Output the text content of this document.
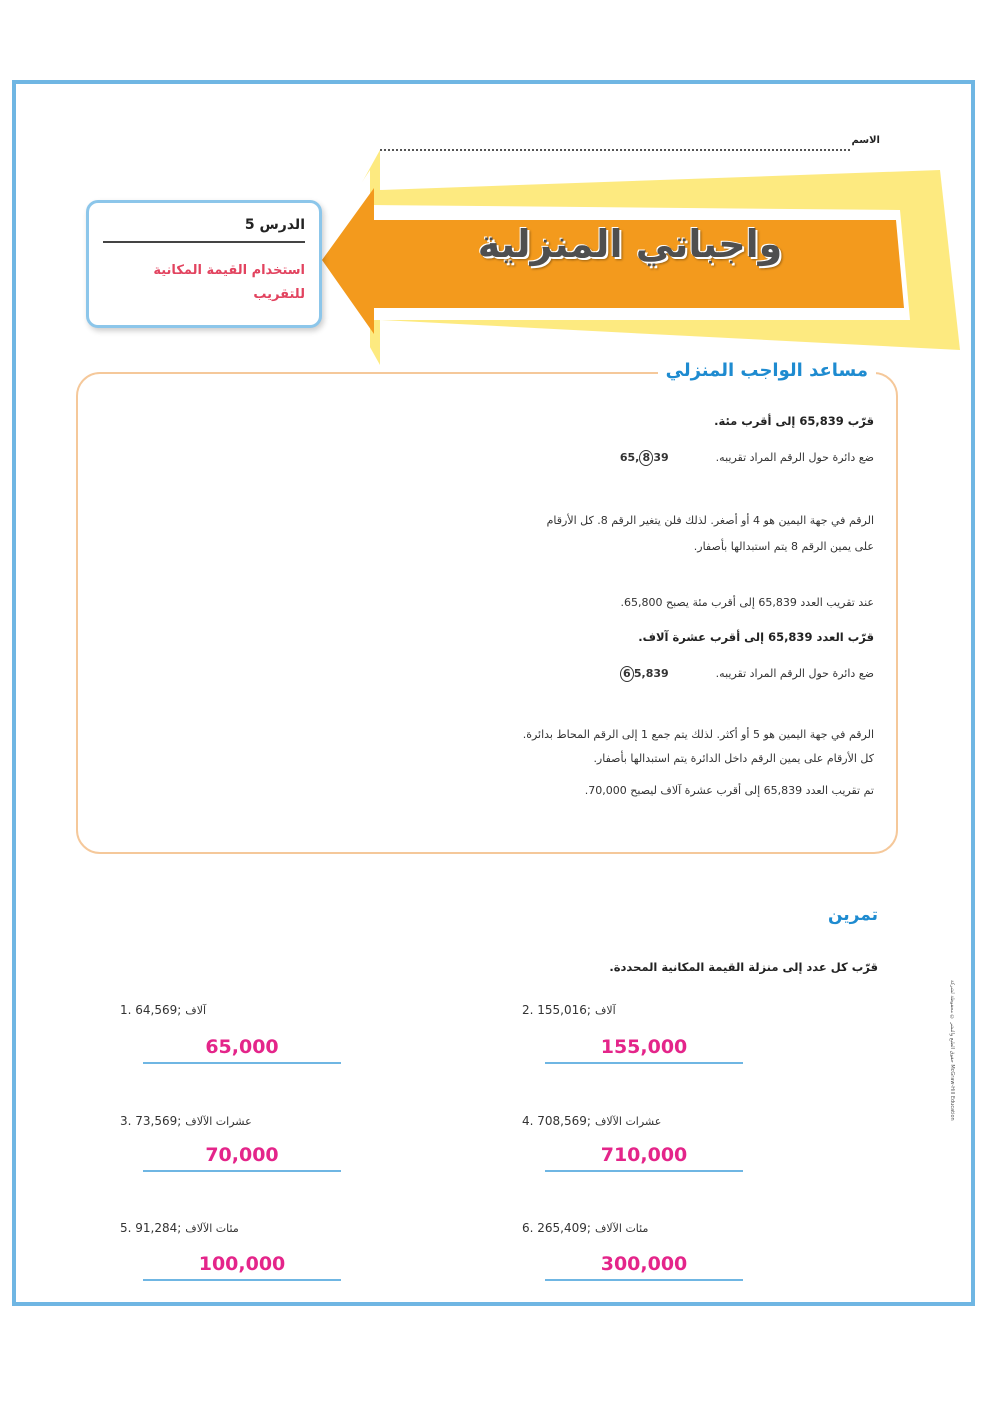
الاسم
واجباتي المنزلية
الدرس 5
استخدام القيمة المكانية
للتقريب
مساعد الواجب المنزلي
قرّب 65,839 إلى أقرب مئة.
ضع دائرة حول الرقم المراد تقريبه.  65, 8 39
الرقم في جهة اليمين هو 4 أو أصغر. لذلك فلن يتغير الرقم 8. كل الأرقام
على يمين الرقم 8 يتم استبدالها بأصفار.
عند تقريب العدد 65,839 إلى أقرب مئة يصبح 65,800.
قرّب العدد 65,839 إلى أقرب عشرة آلاف.
ضع دائرة حول الرقم المراد تقريبه.  6 5,839
الرقم في جهة اليمين هو 5 أو أكثر. لذلك يتم جمع 1 إلى الرقم المحاط بدائرة.
كل الأرقام على يمين الرقم داخل الدائرة يتم استبدالها بأصفار.
تم تقريب العدد 65,839 إلى أقرب عشرة آلاف ليصبح 70,000.
تمرين
قرّب كل عدد إلى منزلة القيمة المكانية المحددة.
1. 64,569; آلاف
65,000
2. 155,016; آلاف
155,000
3. 73,569; عشرات الآلاف
70,000
4. 708,569; عشرات الآلاف
710,000
5. 91,284; مئات الآلاف
100,000
6. 265,409; مئات الآلاف
300,000
حقوق الطبع والنشر © محفوظة لشركة McGraw-Hill Education
